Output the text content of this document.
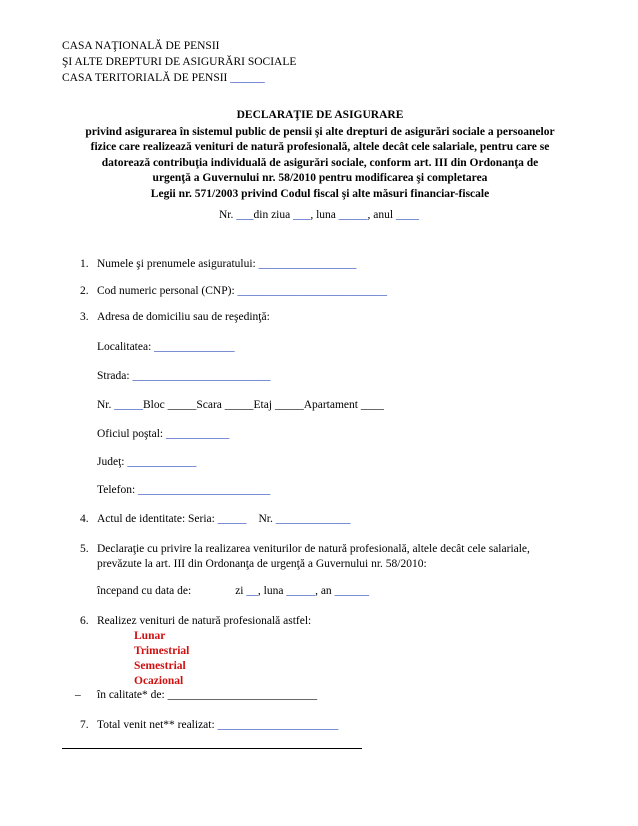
CASA NAŢIONALĂ DE PENSII
ŞI ALTE DREPTURI DE ASIGURĂRI SOCIALE
CASA TERITORIALĂ DE PENSII ______
DECLARAŢIE DE ASIGURARE
privind asigurarea în sistemul public de pensii şi alte drepturi de asigurări sociale a persoanelor
fizice care realizează venituri de natură profesională, altele decât cele salariale, pentru care se
datorează contribuţia individuală de asigurări sociale, conform art. III din Ordonanţa de
urgenţă a Guvernului nr. 58/2010 pentru modificarea şi completarea
Legii nr. 571/2003 privind Codul fiscal şi alte măsuri financiar-fiscale
Nr. ___din ziua ___, luna _____, anul ____
1. Numele şi prenumele asiguratului: _________________
2. Cod numeric personal (CNP): __________________________
3. Adresa de domiciliu sau de reşedinţă:
Localitatea: ______________
Strada: ________________________
Nr. _____Bloc _____Scara _____Etaj _____Apartament ____
Oficiul poştal: ___________
Judeţ: ____________
Telefon: _______________________
4. Actul de identitate: Seria: _____ Nr. _____________
5. Declaraţie cu privire la realizarea veniturilor de natură profesională, altele decât cele salariale,
prevăzute la art. III din Ordonanţa de urgenţă a Guvernului nr. 58/2010:
începand cu data de:	zi __, luna _____, an ______
6. Realizez venituri de natură profesională astfel:
Lunar
Trimestrial
Semestrial
Ocazional
– în calitate* de: __________________________
7. Total venit net** realizat: _____________________
